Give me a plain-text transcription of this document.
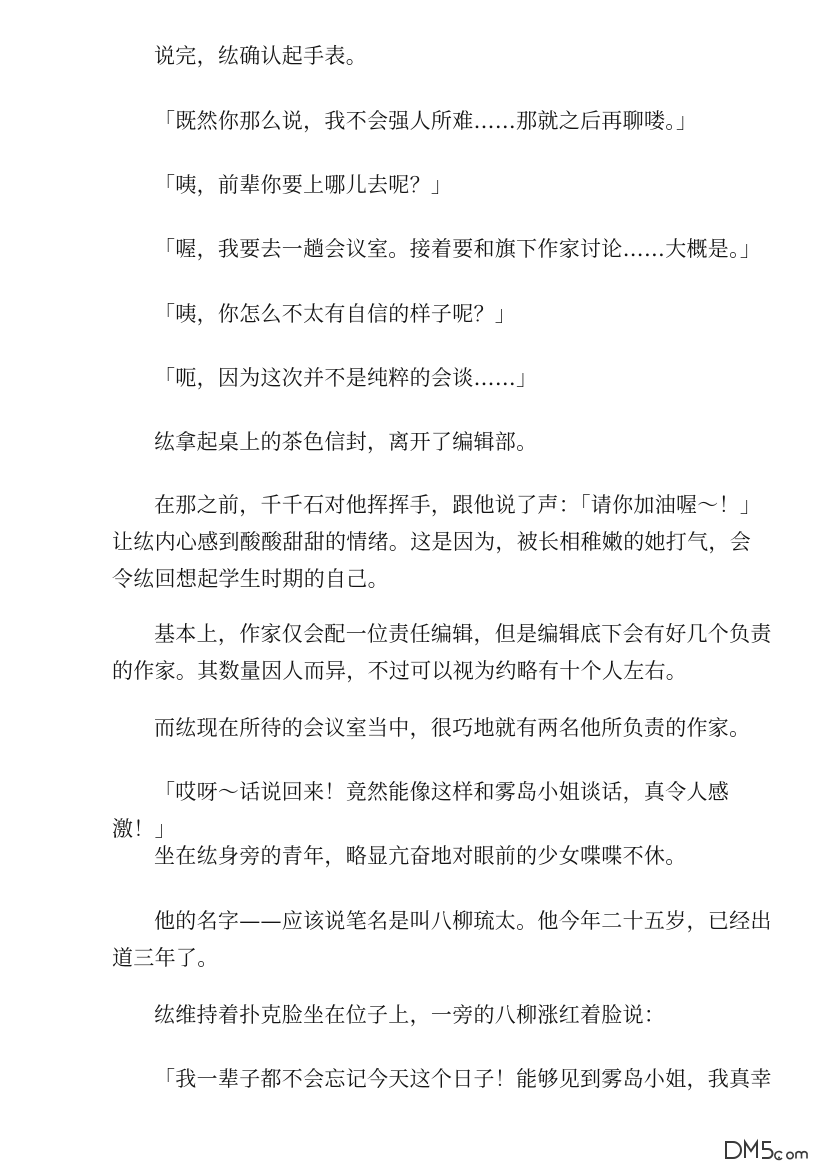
说完，纮确认起手表。

「既然你那么说，我不会强人所难……那就之后再聊喽。」

「咦，前辈你要上哪儿去呢？」

「喔，我要去一趟会议室。接着要和旗下作家讨论……大概是。」

「咦，你怎么不太有自信的样子呢？」

「呃，因为这次并不是纯粹的会谈……」

纮拿起桌上的茶色信封，离开了编辑部。

在那之前，千千石对他挥挥手，跟他说了声：「请你加油喔～！」让纮内心感到酸酸甜甜的情绪。这是因为，被长相稚嫩的她打气，会令纮回想起学生时期的自己。

基本上，作家仅会配一位责任编辑，但是编辑底下会有好几个负责的作家。其数量因人而异，不过可以视为约略有十个人左右。

而纮现在所待的会议室当中，很巧地就有两名他所负责的作家。

「哎呀～话说回来！竟然能像这样和雾岛小姐谈话，真令人感激！」

坐在纮身旁的青年，略显亢奋地对眼前的少女喋喋不休。

他的名字——应该说笔名是叫八柳琉太。他今年二十五岁，已经出道三年了。

纮维持着扑克脸坐在位子上，一旁的八柳涨红着脸说：

「我一辈子都不会忘记今天这个日子！能够见到雾岛小姐，我真幸
